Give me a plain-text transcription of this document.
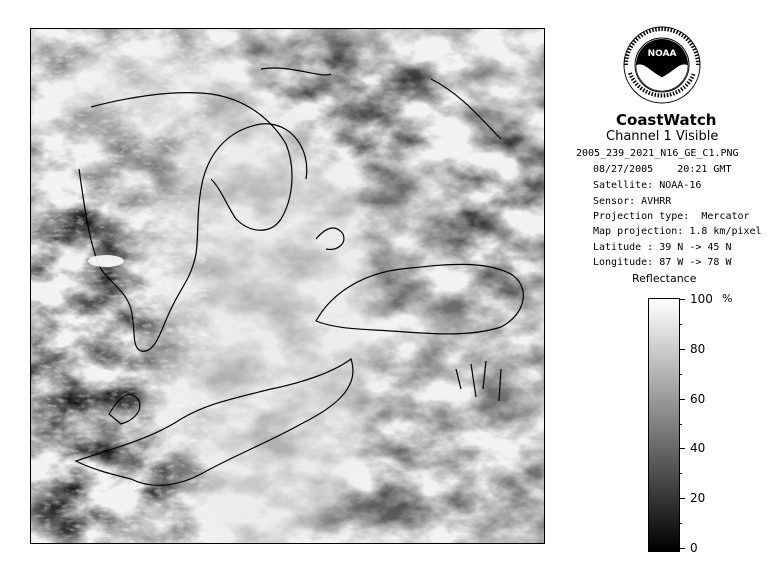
NOAA
CoastWatch
Channel 1 Visible
2005_239_2021_N16_GE_C1.PNG
08/27/2005    20:21 GMT
Satellite: NOAA-16
Sensor: AVHRR
Projection type:  Mercator
Map projection: 1.8 km/pixel
Latitude : 39 N -> 45 N
Longitude: 87 W -> 78 W
Reflectance
%
100
80
60
40
20
0
